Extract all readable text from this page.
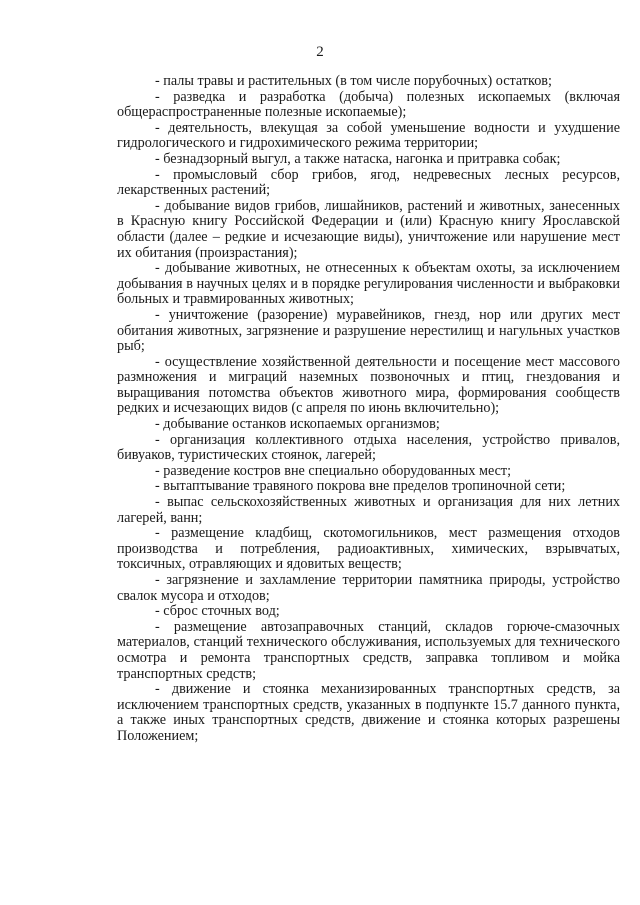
2

- палы травы и растительных (в том числе порубочных) остатков;

- разведка и разработка (добыча) полезных ископаемых (включая общераспространенные полезные ископаемые);

- деятельность, влекущая за собой уменьшение водности и ухудшение гидрологического и гидрохимического режима территории;

- безнадзорный выгул, а также натаска, нагонка и притравка собак;

- промысловый сбор грибов, ягод, недревесных лесных ресурсов, лекарственных растений;

- добывание видов грибов, лишайников, растений и животных, занесенных в Красную книгу Российской Федерации и (или) Красную книгу Ярославской области (далее – редкие и исчезающие виды), уничтожение или нарушение мест их обитания (произрастания);

- добывание животных, не отнесенных к объектам охоты, за исключением добывания в научных целях и в порядке регулирования численности и выбраковки больных и травмированных животных;

- уничтожение (разорение) муравейников, гнезд, нор или других мест обитания животных, загрязнение и разрушение нерестилищ и нагульных участков рыб;

- осуществление хозяйственной деятельности и посещение мест массового размножения и миграций наземных позвоночных и птиц, гнездования и выращивания потомства объектов животного мира, формирования сообществ редких и исчезающих видов (с апреля по июнь включительно);

- добывание останков ископаемых организмов;

- организация коллективного отдыха населения, устройство привалов, бивуаков, туристических стоянок, лагерей;

- разведение костров вне специально оборудованных мест;

- вытаптывание травяного покрова вне пределов тропиночной сети;

- выпас сельскохозяйственных животных и организация для них летних лагерей, ванн;

- размещение кладбищ, скотомогильников, мест размещения отходов производства и потребления, радиоактивных, химических, взрывчатых, токсичных, отравляющих и ядовитых веществ;

- загрязнение и захламление территории памятника природы, устройство свалок мусора и отходов;

- сброс сточных вод;

- размещение автозаправочных станций, складов горюче-смазочных материалов, станций технического обслуживания, используемых для технического осмотра и ремонта транспортных средств, заправка топливом и мойка транспортных средств;

- движение и стоянка механизированных транспортных средств, за исключением транспортных средств, указанных в подпункте 15.7 данного пункта, а также иных транспортных средств, движение и стоянка которых разрешены Положением;
